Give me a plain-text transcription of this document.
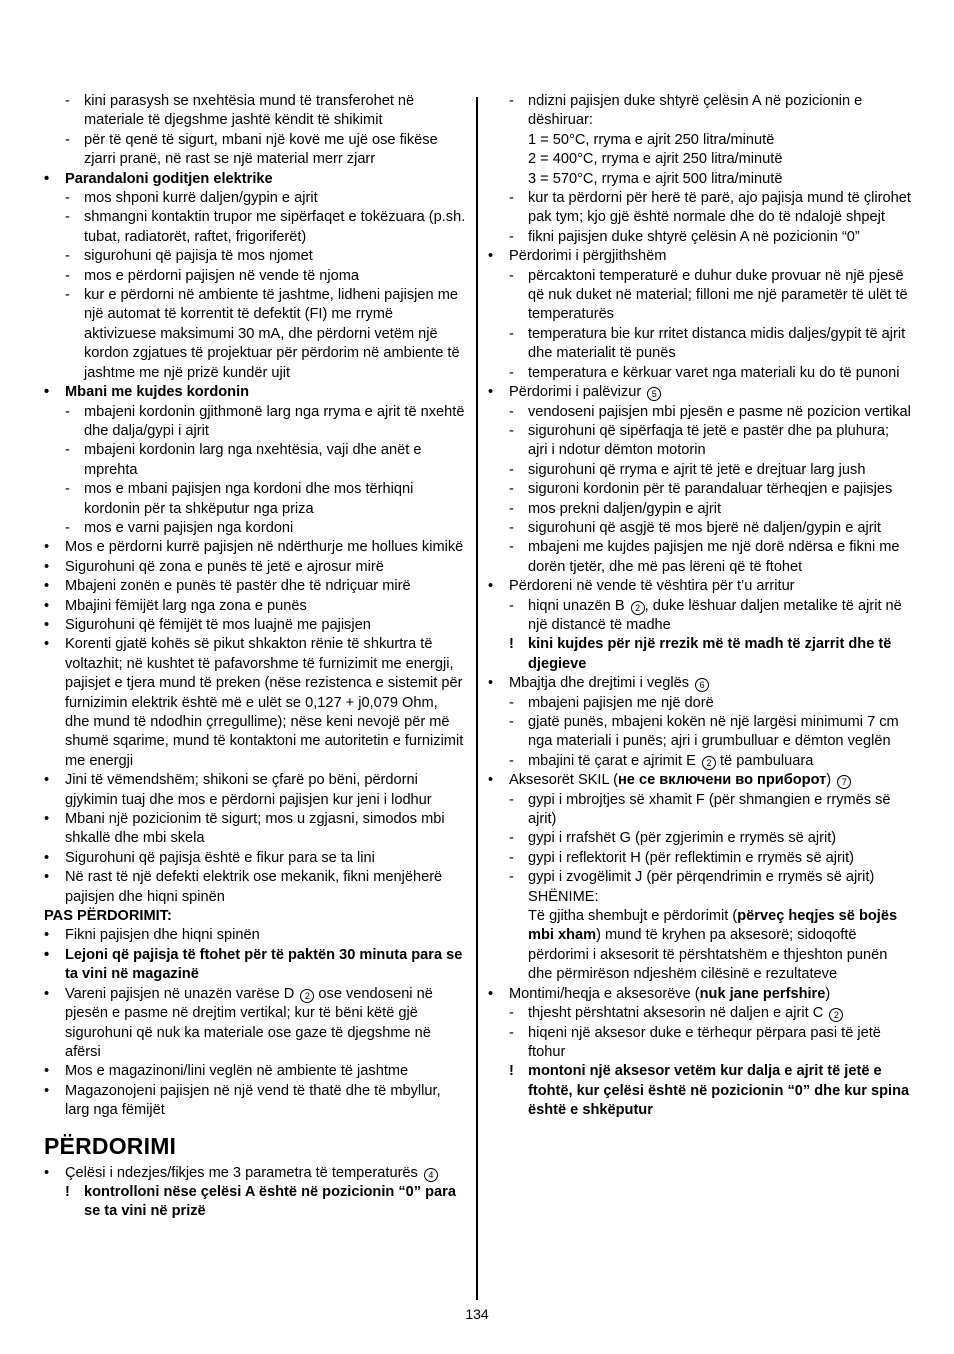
- kini parasysh se nxehtësia mund të transferohet në materiale të djegshme jashtë këndit të shikimit
- për të qenë të sigurt, mbani një kovë me ujë ose fikëse zjarri pranë, në rast se një material merr zjarr
• Parandaloni goditjen elektrike
- mos shponi kurrë daljen/gypin e ajrit
- shmangni kontaktin trupor me sipërfaqet e tokëzuara (p.sh. tubat, radiatorët, raftet, frigoriferët)
- sigurohuni që pajisja të mos njomet
- mos e përdorni pajisjen në vende të njoma
- kur e përdorni në ambiente të jashtme, lidheni pajisjen me një automat të korrentit të defektit (FI) me rrymë aktivizuese maksimumi 30 mA, dhe përdorni vetëm një kordon zgjatues të projektuar për përdorim në ambiente të jashtme me një prizë kundër ujit
• Mbani me kujdes kordonin
- mbajeni kordonin gjithmonë larg nga rryma e ajrit të nxehtë dhe dalja/gypi i ajrit
- mbajeni kordonin larg nga nxehtësia, vaji dhe anët e mprehta
- mos e mbani pajisjen nga kordoni dhe mos tërhiqni kordonin për ta shkëputur nga priza
- mos e varni pajisjen nga kordoni
• Mos e përdorni kurrë pajisjen në ndërthurje me hollues kimikë
• Sigurohuni që zona e punës të jetë e ajrosur mirë
• Mbajeni zonën e punës të pastër dhe të ndriçuar mirë
• Mbajini fëmijët larg nga zona e punës
• Sigurohuni që fëmijët të mos luajnë me pajisjen
• Korenti gjatë kohës së pikut shkakton rënie të shkurtra të voltazhit; në kushtet të pafavorshme të furnizimit me energji, pajisjet e tjera mund të preken (nëse rezistenca e sistemit për furnizimin elektrik është më e ulët se 0,127 + j0,079 Ohm, dhe mund të ndodhin çrregullime); nëse keni nevojë për më shumë sqarime, mund të kontaktoni me autoritetin e furnizimit me energji
• Jini të vëmendshëm; shikoni se çfarë po bëni, përdorni gjykimin tuaj dhe mos e përdorni pajisjen kur jeni i lodhur
• Mbani një pozicionim të sigurt; mos u zgjasni, simodos mbi shkallë dhe mbi skela
• Sigurohuni që pajisja është e fikur para se ta lini
• Në rast të një defekti elektrik ose mekanik, fikni menjëherë pajisjen dhe hiqni spinën
PAS PËRDORIMIT:
• Fikni pajisjen dhe hiqni spinën
• Lejoni që pajisja të ftohet për të paktën 30 minuta para se ta vini në magazinë
• Vareni pajisjen në unazën varëse D 2 ose vendoseni në pjesën e pasme në drejtim vertikal; kur të bëni këtë gjë sigurohuni që nuk ka materiale ose gaze të djegshme në afërsi
• Mos e magazinoni/lini veglën në ambiente të jashtme
• Magazonojeni pajisjen në një vend të thatë dhe të mbyllur, larg nga fëmijët
PËRDORIMI
• Çelësi i ndezjes/fikjes me 3 parametra të temperaturës 4
! kontrolloni nëse çelësi A është në pozicionin “0” para se ta vini në prizë
- ndizni pajisjen duke shtyrë çelësin A në pozicionin e dëshiruar:
1 = 50°C, rryma e ajrit 250 litra/minutë
2 = 400°C, rryma e ajrit 250 litra/minutë
3 = 570°C, rryma e ajrit 500 litra/minutë
- kur ta përdorni për herë të parë, ajo pajisja mund të çlirohet pak tym; kjo gjë është normale dhe do të ndalojë shpejt
- fikni pajisjen duke shtyrë çelësin A në pozicionin “0”
• Përdorimi i përgjithshëm
- përcaktoni temperaturë e duhur duke provuar në një pjesë që nuk duket në material; filloni me një parametër të ulët të temperaturës
- temperatura bie kur rritet distanca midis daljes/gypit të ajrit dhe materialit të punës
- temperatura e kërkuar varet nga materiali ku do të punoni
• Përdorimi i palëvizur 5
- vendoseni pajisjen mbi pjesën e pasme në pozicion vertikal
- sigurohuni që sipërfaqja të jetë e pastër dhe pa pluhura; ajri i ndotur dëmton motorin
- sigurohuni që rryma e ajrit të jetë e drejtuar larg jush
- siguroni kordonin për të parandaluar tërheqjen e pajisjes
- mos prekni daljen/gypin e ajrit
- sigurohuni që asgjë të mos bjerë në daljen/gypin e ajrit
- mbajeni me kujdes pajisjen me një dorë ndërsa e fikni me dorën tjetër, dhe më pas lëreni që të ftohet
• Përdoreni në vende të vështira për t’u arritur
- hiqni unazën B 2 , duke lëshuar daljen metalike të ajrit në një distancë të madhe
! kini kujdes për një rrezik më të madh të zjarrit dhe të djegieve
• Mbajtja dhe drejtimi i veglës 6
- mbajeni pajisjen me një dorë
- gjatë punës, mbajeni kokën në një largësi minimumi 7 cm nga materiali i punës; ajri i grumbulluar e dëmton veglën
- mbajini të çarat e ajrimit E 2 të pambuluara
• Aksesorët SKIL (не се включени во приборот) 7
- gypi i mbrojtjes së xhamit F (për shmangien e rrymës së ajrit)
- gypi i rrafshët G (për zgjerimin e rrymës së ajrit)
- gypi i reflektorit H (për reflektimin e rrymës së ajrit)
- gypi i zvogëlimit J (për përqendrimin e rrymës së ajrit)
SHËNIME:
Të gjitha shembujt e përdorimit (përveç heqjes së bojës mbi xham) mund të kryhen pa aksesorë; sidoqoftë përdorimi i aksesorit të përshtatshëm e thjeshton punën dhe përmirëson ndjeshëm cilësinë e rezultateve
• Montimi/heqja e aksesorëve (nuk jane perfshire)
- thjesht përshtatni aksesorin në daljen e ajrit C 2
- hiqeni një aksesor duke e tërhequr përpara pasi të jetë ftohur
! montoni një aksesor vetëm kur dalja e ajrit të jetë e ftohtë, kur çelësi është në pozicionin “0” dhe kur spina është e shkëputur
134
